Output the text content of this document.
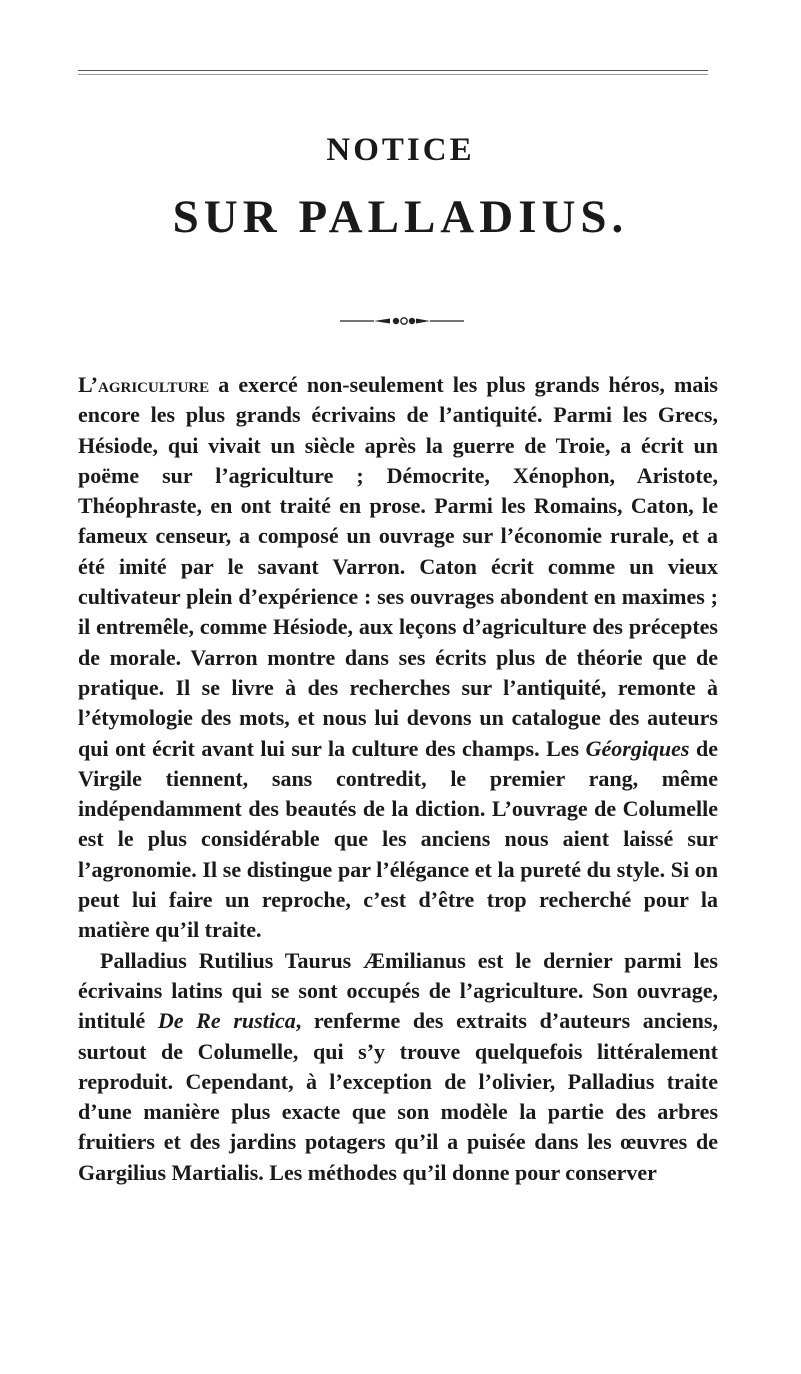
NOTICE
SUR PALLADIUS.

L’agriculture a exercé non-seulement les plus grands héros, mais encore les plus grands écrivains de l’antiquité. Parmi les Grecs, Hésiode, qui vivait un siècle après la guerre de Troie, a écrit un poëme sur l’agriculture ; Démocrite, Xénophon, Aristote, Théophraste, en ont traité en prose. Parmi les Romains, Caton, le fameux censeur, a composé un ouvrage sur l’économie rurale, et a été imité par le savant Varron. Caton écrit comme un vieux cultivateur plein d’expérience : ses ouvrages abondent en maximes ; il entremêle, comme Hésiode, aux leçons d’agriculture des préceptes de morale. Varron montre dans ses écrits plus de théorie que de pratique. Il se livre à des recherches sur l’antiquité, remonte à l’étymologie des mots, et nous lui devons un catalogue des auteurs qui ont écrit avant lui sur la culture des champs. Les Géorgiques de Virgile tiennent, sans contredit, le premier rang, même indépendamment des beautés de la diction. L’ouvrage de Columelle est le plus considérable que les anciens nous aient laissé sur l’agronomie. Il se distingue par l’élégance et la pureté du style. Si on peut lui faire un reproche, c’est d’être trop recherché pour la matière qu’il traite.

Palladius Rutilius Taurus Æmilianus est le dernier parmi les écrivains latins qui se sont occupés de l’agriculture. Son ouvrage, intitulé De Re rustica, renferme des extraits d’auteurs anciens, surtout de Columelle, qui s’y trouve quelquefois littéralement reproduit. Cependant, à l’exception de l’olivier, Palladius traite d’une manière plus exacte que son modèle la partie des arbres fruitiers et des jardins potagers qu’il a puisée dans les œuvres de Gargilius Martialis. Les méthodes qu’il donne pour conserver
